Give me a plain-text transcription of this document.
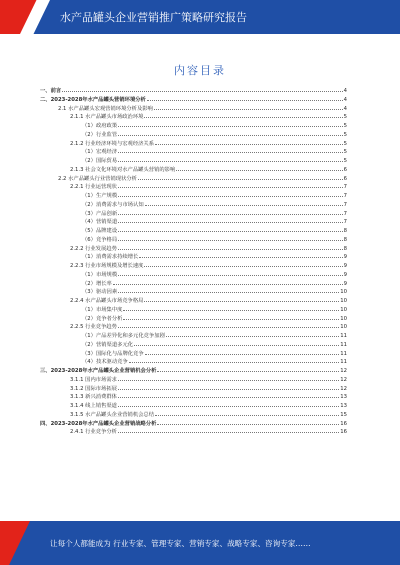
水产品罐头企业营销推广策略研究报告
内容目录
一、前言	4
二、2023-2028年水产品罐头营销环境分析	4
2.1 水产品罐头宏观营销环境分析及影响	4
2.1.1 水产品罐头市场政治环境	5
（1）政府政策	5
（2）行业监管	5
2.1.2 行业经济环境与宏观经济关系	5
（1）宏观经济	5
（2）国际贸易	5
2.1.3 社会文化环境对水产品罐头营销的影响	6
2.2 水产品罐头行业营销现状分析	6
2.2.1 行业运营现状	7
（1）生产规模	7
（2）消费需求与市场认知	7
（3）产品创新	7
（4）营销渠道	7
（5）品牌建设	8
（6）竞争格局	8
2.2.2 行业发展趋势	8
（1）消费需求持续增长	9
2.2.3 行业市场规模及增长速度	9
（1）市场规模	9
（2）增长率	9
（3）驱动因素	10
2.2.4 水产品罐头市场竞争格局	10
（1）市场集中度	10
（2）竞争者分析	10
2.2.5 行业竞争趋势	10
（1）产品差异化和多元化竞争加剧	11
（2）营销渠道多元化	11
（3）国际化与品牌化竞争	11
（4）技术驱动竞争	11
三、2023-2028年水产品罐头企业营销机会分析	12
3.1.1 国内市场需求	12
3.1.2 国际市场拓展	12
3.1.3 新兴消费群体	13
3.1.4 线上销售渠道	13
3.1.5 水产品罐头企业营销机会总结	15
四、2023-2028年水产品罐头企业营销战略分析	16
2.4.1 行业竞争分析	16
让每个人都能成为 行业专家、管理专家、营销专家、战略专家、咨询专家……
